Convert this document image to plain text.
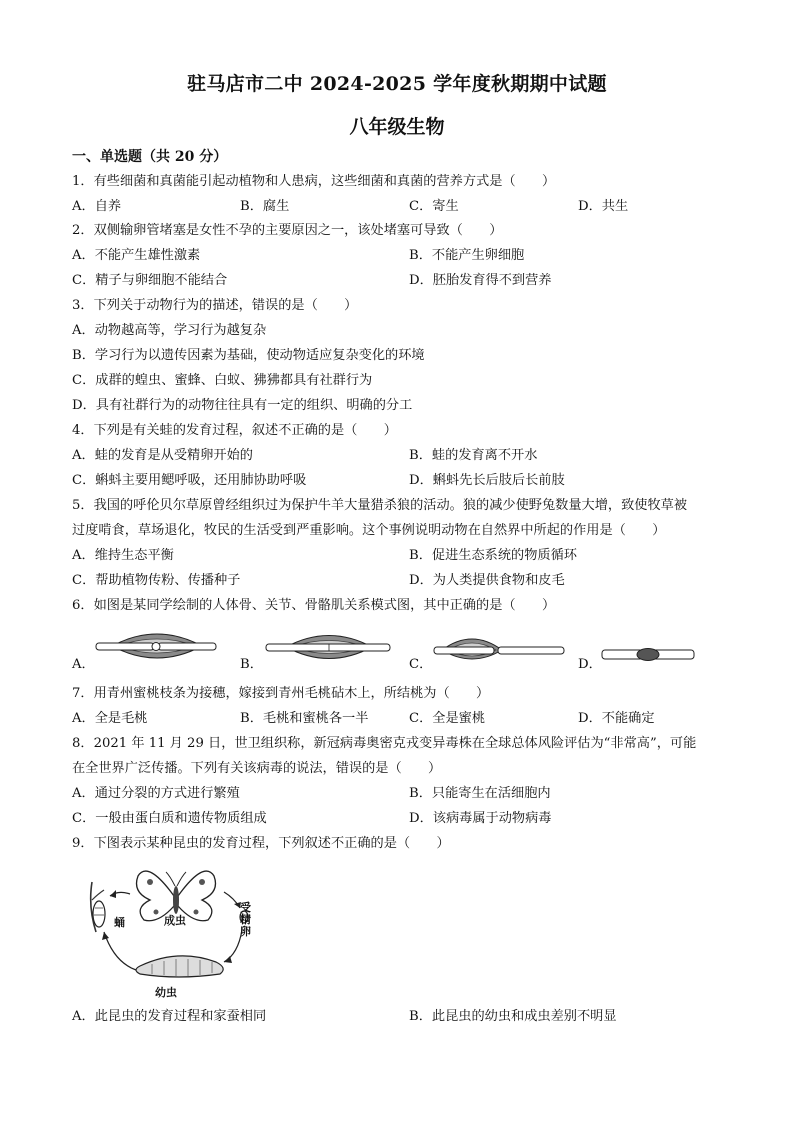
驻马店市二中 2024-2025 学年度秋期期中试题
八年级生物
一、单选题（共 20 分）
1．有些细菌和真菌能引起动植物和人患病，这些细菌和真菌的营养方式是（　　）
A．自养	B．腐生	C．寄生	D．共生
2．双侧输卵管堵塞是女性不孕的主要原因之一，该处堵塞可导致（　　）
A．不能产生雄性激素	B．不能产生卵细胞
C．精子与卵细胞不能结合	D．胚胎发育得不到营养
3．下列关于动物行为的描述，错误的是（　　）
A．动物越高等，学习行为越复杂
B．学习行为以遗传因素为基础，使动物适应复杂变化的环境
C．成群的蝗虫、蜜蜂、白蚁、狒狒都具有社群行为
D．具有社群行为的动物往往具有一定的组织、明确的分工
4．下列是有关蛙的发育过程，叙述不正确的是（　　）
A．蛙的发育是从受精卵开始的	B．蛙的发育离不开水
C．蝌蚪主要用鳃呼吸，还用肺协助呼吸	D．蝌蚪先长后肢后长前肢
5．我国的呼伦贝尔草原曾经组织过为保护牛羊大量猎杀狼的活动。狼的减少使野兔数量大增，致使牧草被
过度啃食，草场退化，牧民的生活受到严重影响。这个事例说明动物在自然界中所起的作用是（　　）
A．维持生态平衡	B．促进生态系统的物质循环
C．帮助植物传粉、传播种子	D．为人类提供食物和皮毛
6．如图是某同学绘制的人体骨、关节、骨骼肌关系模式图，其中正确的是（　　）
A．	B．	C．	D．
7．用青州蜜桃枝条为接穗，嫁接到青州毛桃砧木上，所结桃为（　　）
A．全是毛桃	B．毛桃和蜜桃各一半	C．全是蜜桃	D．不能确定
8．2021 年 11 月 29 日，世卫组织称，新冠病毒奥密克戎变异毒株在全球总体风险评估为“非常高”，可能
在全世界广泛传播。下列有关该病毒的说法，错误的是（　　）
A．通过分裂的方式进行繁殖	B．只能寄生在活细胞内
C．一般由蛋白质和遗传物质组成	D．该病毒属于动物病毒
9．下图表示某种昆虫的发育过程，下列叙述不正确的是（　　）
蛹	成虫
受精卵
幼虫
A．此昆虫的发育过程和家蚕相同	B．此昆虫的幼虫和成虫差别不明显
